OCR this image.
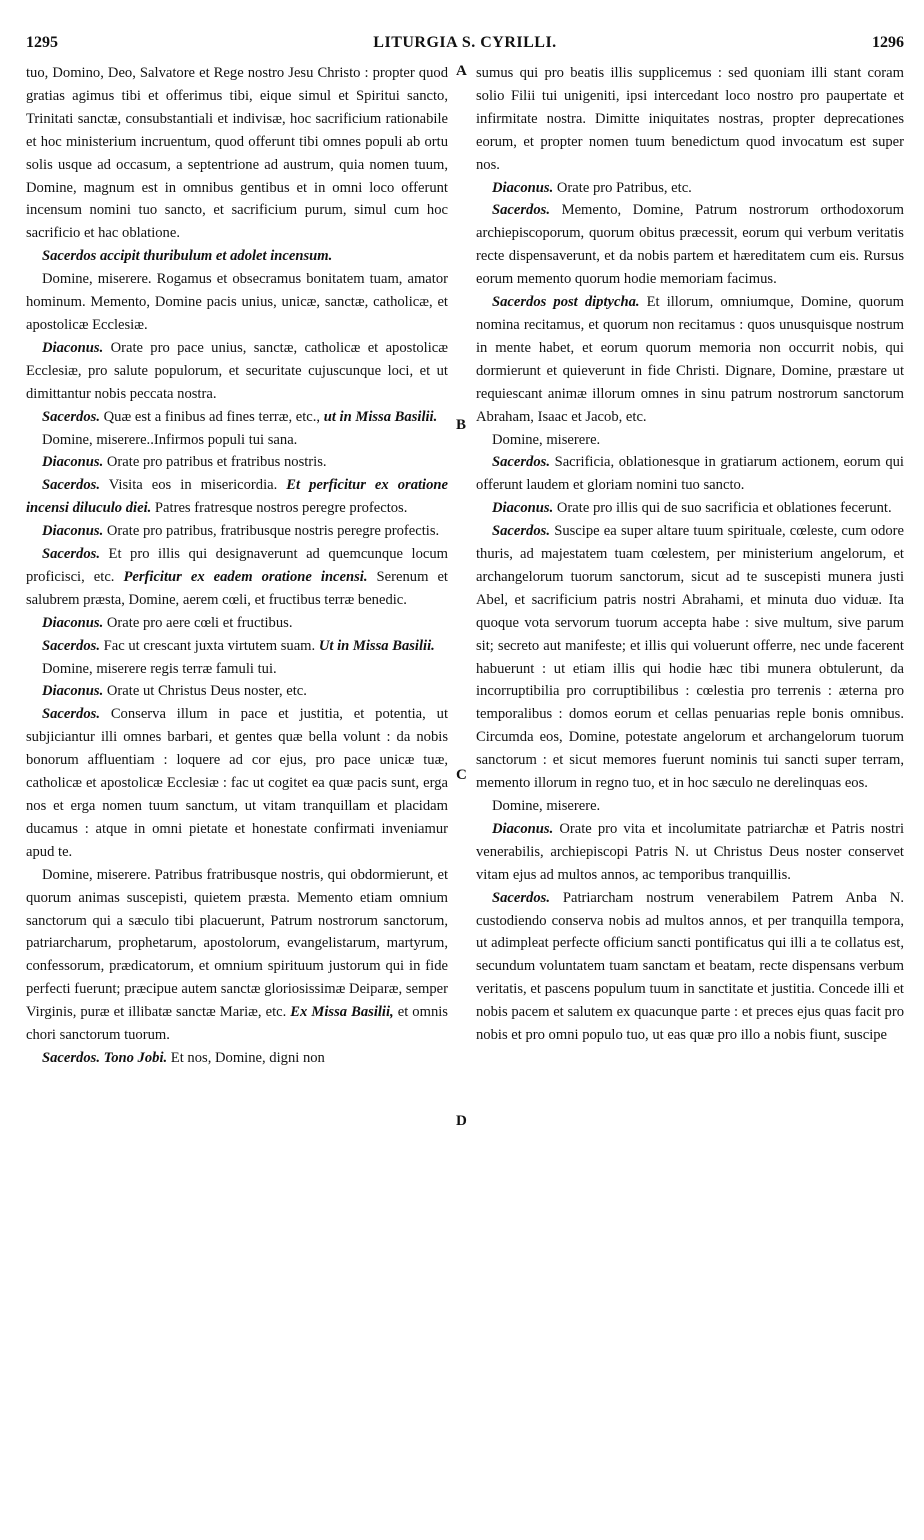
1295	LITURGIA S. CYRILLI.	1296
A
B
C
D

tuo, Domino, Deo, Salvatore et Rege nostro Jesu Christo : propter quod gratias agimus tibi et offerimus tibi, eique simul et Spiritui sancto, Trinitati sanctæ, consubstantiali et indivisæ, hoc sacrificium rationabile et hoc ministerium incruentum, quod offerunt tibi omnes populi ab ortu solis usque ad occasum, a septentrione ad austrum, quia nomen tuum, Domine, magnum est in omnibus gentibus et in omni loco offerunt incensum nomini tuo sancto, et sacrificium purum, simul cum hoc sacrificio et hac oblatione.

Sacerdos accipit thuribulum et adolet incensum.

Domine, miserere. Rogamus et obsecramus bonitatem tuam, amator hominum. Memento, Domine pacis unius, unicæ, sanctæ, catholicæ, et apostolicæ Ecclesiæ.

Diaconus. Orate pro pace unius, sanctæ, catholicæ et apostolicæ Ecclesiæ, pro salute populorum, et securitate cujuscunque loci, et ut dimittantur nobis peccata nostra.

Sacerdos. Quæ est a finibus ad fines terræ, etc., ut in Missa Basilii.

Domine, miserere..Infirmos populi tui sana.

Diaconus. Orate pro patribus et fratribus nostris.

Sacerdos. Visita eos in misericordia. Et perficitur ex oratione incensi diluculo diei. Patres fratresque nostros peregre profectos.

Diaconus. Orate pro patribus, fratribusque nostris peregre profectis.

Sacerdos. Et pro illis qui designaverunt ad quemcunque locum proficisci, etc. Perficitur ex eadem oratione incensi. Serenum et salubrem præsta, Domine, aerem cœli, et fructibus terræ benedic.

Diaconus. Orate pro aere cœli et fructibus.

Sacerdos. Fac ut crescant juxta virtutem suam. Ut in Missa Basilii.

Domine, miserere regis terræ famuli tui.

Diaconus. Orate ut Christus Deus noster, etc.

Sacerdos. Conserva illum in pace et justitia, et potentia, ut subjiciantur illi omnes barbari, et gentes quæ bella volunt : da nobis bonorum affluentiam : loquere ad cor ejus, pro pace unicæ tuæ, catholicæ et apostolicæ Ecclesiæ : fac ut cogitet ea quæ pacis sunt, erga nos et erga nomen tuum sanctum, ut vitam tranquillam et placidam ducamus : atque in omni pietate et honestate confirmati inveniamur apud te.

Domine, miserere. Patribus fratribusque nostris, qui obdormierunt, et quorum animas suscepisti, quietem præsta. Memento etiam omnium sanctorum qui a sæculo tibi placuerunt, Patrum nostrorum sanctorum, patriarcharum, prophetarum, apostolorum, evangelistarum, martyrum, confessorum, prædicatorum, et omnium spirituum justorum qui in fide perfecti fuerunt; præcipue autem sanctæ gloriosissimæ Deiparæ, semper Virginis, puræ et illibatæ sanctæ Mariæ, etc. Ex Missa Basilii, et omnis chori sanctorum tuorum.

Sacerdos. Tono Jobi. Et nos, Domine, digni non

sumus qui pro beatis illis supplicemus : sed quoniam illi stant coram solio Filii tui unigeniti, ipsi intercedant loco nostro pro paupertate et infirmitate nostra. Dimitte iniquitates nostras, propter deprecationes eorum, et propter nomen tuum benedictum quod invocatum est super nos.

Diaconus. Orate pro Patribus, etc.

Sacerdos. Memento, Domine, Patrum nostrorum orthodoxorum archiepiscoporum, quorum obitus præcessit, eorum qui verbum veritatis recte dispensaverunt, et da nobis partem et hæreditatem cum eis. Rursus eorum memento quorum hodie memoriam facimus.

Sacerdos post diptycha. Et illorum, omniumque, Domine, quorum nomina recitamus, et quorum non recitamus : quos unusquisque nostrum in mente habet, et eorum quorum memoria non occurrit nobis, qui dormierunt et quieverunt in fide Christi. Dignare, Domine, præstare ut requiescant animæ illorum omnes in sinu patrum nostrorum sanctorum Abraham, Isaac et Jacob, etc.

Domine, miserere.

Sacerdos. Sacrificia, oblationesque in gratiarum actionem, eorum qui offerunt laudem et gloriam nomini tuo sancto.

Diaconus. Orate pro illis qui de suo sacrificia et oblationes fecerunt.

Sacerdos. Suscipe ea super altare tuum spirituale, cœleste, cum odore thuris, ad majestatem tuam cœlestem, per ministerium angelorum, et archangelorum tuorum sanctorum, sicut ad te suscepisti munera justi Abel, et sacrificium patris nostri Abrahami, et minuta duo viduæ. Ita quoque vota servorum tuorum accepta habe : sive multum, sive parum sit; secreto aut manifeste; et illis qui voluerunt offerre, nec unde facerent habuerunt : ut etiam illis qui hodie hæc tibi munera obtulerunt, da incorruptibilia pro corruptibilibus : cœlestia pro terrenis : æterna pro temporalibus : domos eorum et cellas penuarias reple bonis omnibus. Circumda eos, Domine, potestate angelorum et archangelorum tuorum sanctorum : et sicut memores fuerunt nominis tui sancti super terram, memento illorum in regno tuo, et in hoc sæculo ne derelinquas eos.

Domine, miserere.

Diaconus. Orate pro vita et incolumitate patriarchæ et Patris nostri venerabilis, archiepiscopi Patris N. ut Christus Deus noster conservet vitam ejus ad multos annos, ac temporibus tranquillis.

Sacerdos. Patriarcham nostrum venerabilem Patrem Anba N. custodiendo conserva nobis ad multos annos, et per tranquilla tempora, ut adimpleat perfecte officium sancti pontificatus qui illi a te collatus est, secundum voluntatem tuam sanctam et beatam, recte dispensans verbum veritatis, et pascens populum tuum in sanctitate et justitia. Concede illi et nobis pacem et salutem ex quacunque parte : et preces ejus quas facit pro nobis et pro omni populo tuo, ut eas quæ pro illo a nobis fiunt, suscipe
